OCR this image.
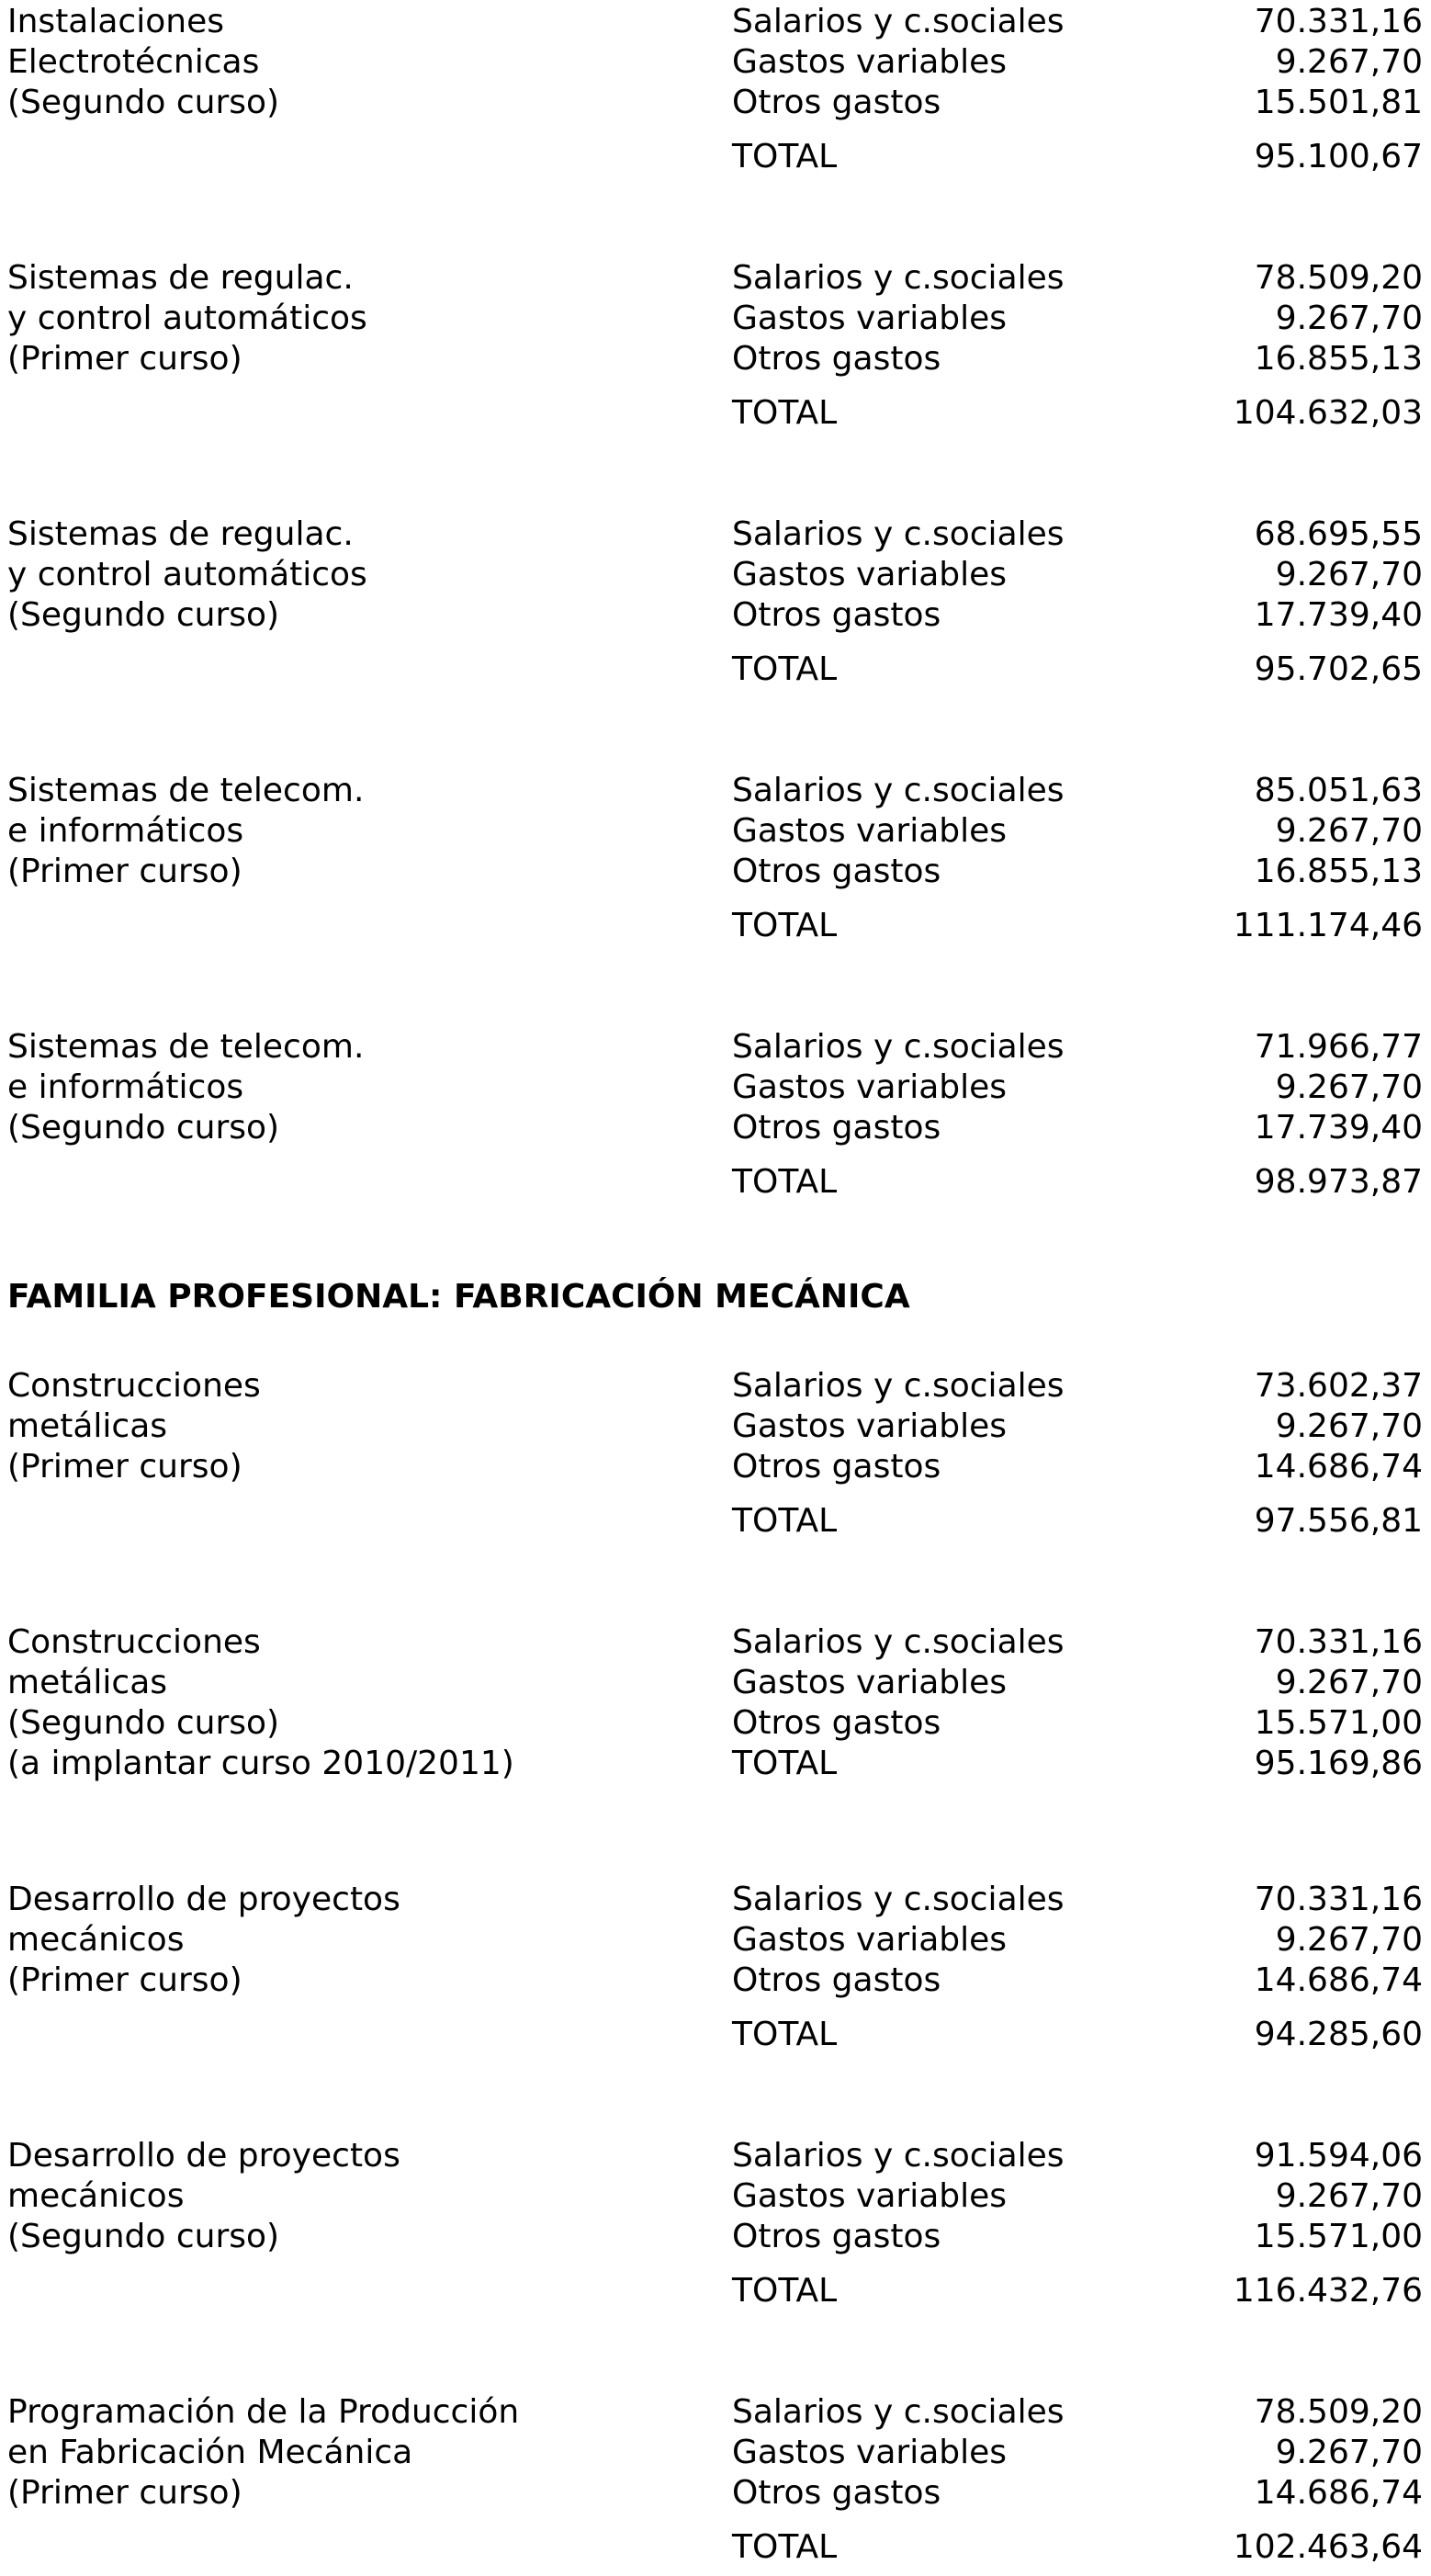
FAMILIA PROFESIONAL: FABRICACIÓN MECÁNICA
Instalaciones
Electrotécnicas
(Segundo curso)
Salarios y c.sociales	70.331,16
Gastos variables	9.267,70
Otros gastos	15.501,81
TOTAL	95.100,67
Sistemas de regulac.
y control automáticos
(Primer curso)
Salarios y c.sociales	78.509,20
Gastos variables	9.267,70
Otros gastos	16.855,13
TOTAL	104.632,03
Sistemas de regulac.
y control automáticos
(Segundo curso)
Salarios y c.sociales	68.695,55
Gastos variables	9.267,70
Otros gastos	17.739,40
TOTAL	95.702,65
Sistemas de telecom.
e informáticos
(Primer curso)
Salarios y c.sociales	85.051,63
Gastos variables	9.267,70
Otros gastos	16.855,13
TOTAL	111.174,46
Sistemas de telecom.
e informáticos
(Segundo curso)
Salarios y c.sociales	71.966,77
Gastos variables	9.267,70
Otros gastos	17.739,40
TOTAL	98.973,87
Construcciones
metálicas
(Primer curso)
Salarios y c.sociales	73.602,37
Gastos variables	9.267,70
Otros gastos	14.686,74
TOTAL	97.556,81
Construcciones
metálicas
(Segundo curso)
(a implantar curso 2010/2011)
Salarios y c.sociales	70.331,16
Gastos variables	9.267,70
Otros gastos	15.571,00
TOTAL	95.169,86
Desarrollo de proyectos
mecánicos
(Primer curso)
Salarios y c.sociales	70.331,16
Gastos variables	9.267,70
Otros gastos	14.686,74
TOTAL	94.285,60
Desarrollo de proyectos
mecánicos
(Segundo curso)
Salarios y c.sociales	91.594,06
Gastos variables	9.267,70
Otros gastos	15.571,00
TOTAL	116.432,76
Programación de la Producción
en Fabricación Mecánica
(Primer curso)
Salarios y c.sociales	78.509,20
Gastos variables	9.267,70
Otros gastos	14.686,74
TOTAL	102.463,64
